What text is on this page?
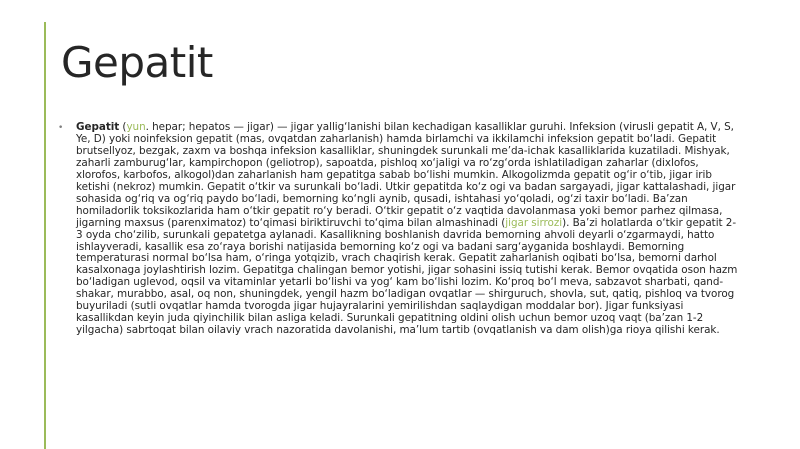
Gepatit
•	Gepatit (yun. hepar; hepatos — jigar) — jigar yallig‘lanishi bilan kechadigan kasalliklar guruhi. Infeksion (virusli gepatit A, V, S, Ye, D) yoki noinfeksion gepatit (mas, ovqatdan zaharlanish) hamda birlamchi va ikkilamchi infeksion gepatit bo‘ladi. Gepatit brutsellyoz, bezgak, zaxm va boshqa infeksion kasalliklar, shuningdek surunkali me’da-ichak kasalliklarida kuzatiladi. Mishyak, zaharli zamburug‘lar, kampirchopon (geliotrop), sapoatda, pishloq xo‘jaligi va ro‘zg‘orda ishlatiladigan zaharlar (dixlofos, xlorofos, karbofos, alkogol)dan zaharlanish ham gepatitga sabab bo‘lishi mumkin. Alkogolizmda gepatit og‘ir o‘tib, jigar irib ketishi (nekroz) mumkin. Gepatit o‘tkir va surunkali bo‘ladi. Utkir gepatitda ko‘z ogi va badan sargayadi, jigar kattalashadi, jigar sohasida og‘riq va og‘riq paydo bo‘ladi, bemorning ko‘ngli aynib, qusadi, ishtahasi yo‘qoladi, og‘zi taxir bo‘ladi. Ba’zan homiladorlik toksikozlarida ham o‘tkir gepatit ro‘y beradi. O‘tkir gepatit o‘z vaqtida davolanmasa yoki bemor parhez qilmasa, jigarning maxsus (parenximatoz) to‘qimasi biriktiruvchi to‘qima bilan almashinadi (jigar sirrozi). Ba’zi holatlarda o‘tkir gepatit 2-3 oyda cho‘zilib, surunkali gepatetga aylanadi. Kasallikning boshlanish davrida bemorning ahvoli deyarli o‘zgarmaydi, hatto ishlayveradi, kasallik esa zo‘raya borishi natijasida bemorning ko‘z ogi va badani sarg‘ayganida boshlaydi. Bemorning temperaturasi normal bo‘lsa ham, o‘ringa yotqizib, vrach chaqirish kerak. Gepatit zaharlanish oqibati bo‘lsa, bemorni darhol kasalxonaga joylashtirish lozim. Gepatitga chalingan bemor yotishi, jigar sohasini issiq tutishi kerak. Bemor ovqatida oson hazm bo‘ladigan uglevod, oqsil va vitaminlar yetarli bo‘lishi va yog‘ kam bo‘lishi lozim. Ko‘proq bo‘l meva, sabzavot sharbati, qand-shakar, murabbo, asal, oq non, shuningdek, yengil hazm bo‘ladigan ovqatlar — shirguruch, shovla, sut, qatiq, pishloq va tvorog buyuriladi (sutli ovqatlar hamda tvorogda jigar hujayralarini yemirilishdan saqlaydigan moddalar bor). Jigar funksiyasi kasallikdan keyin juda qiyinchilik bilan asliga keladi. Surunkali gepatitning oldini olish uchun bemor uzoq vaqt (ba’zan 1-2 yilgacha) sabrtoqat bilan oilaviy vrach nazoratida davolanishi, ma’lum tartib (ovqatlanish va dam olish)ga rioya qilishi kerak.
